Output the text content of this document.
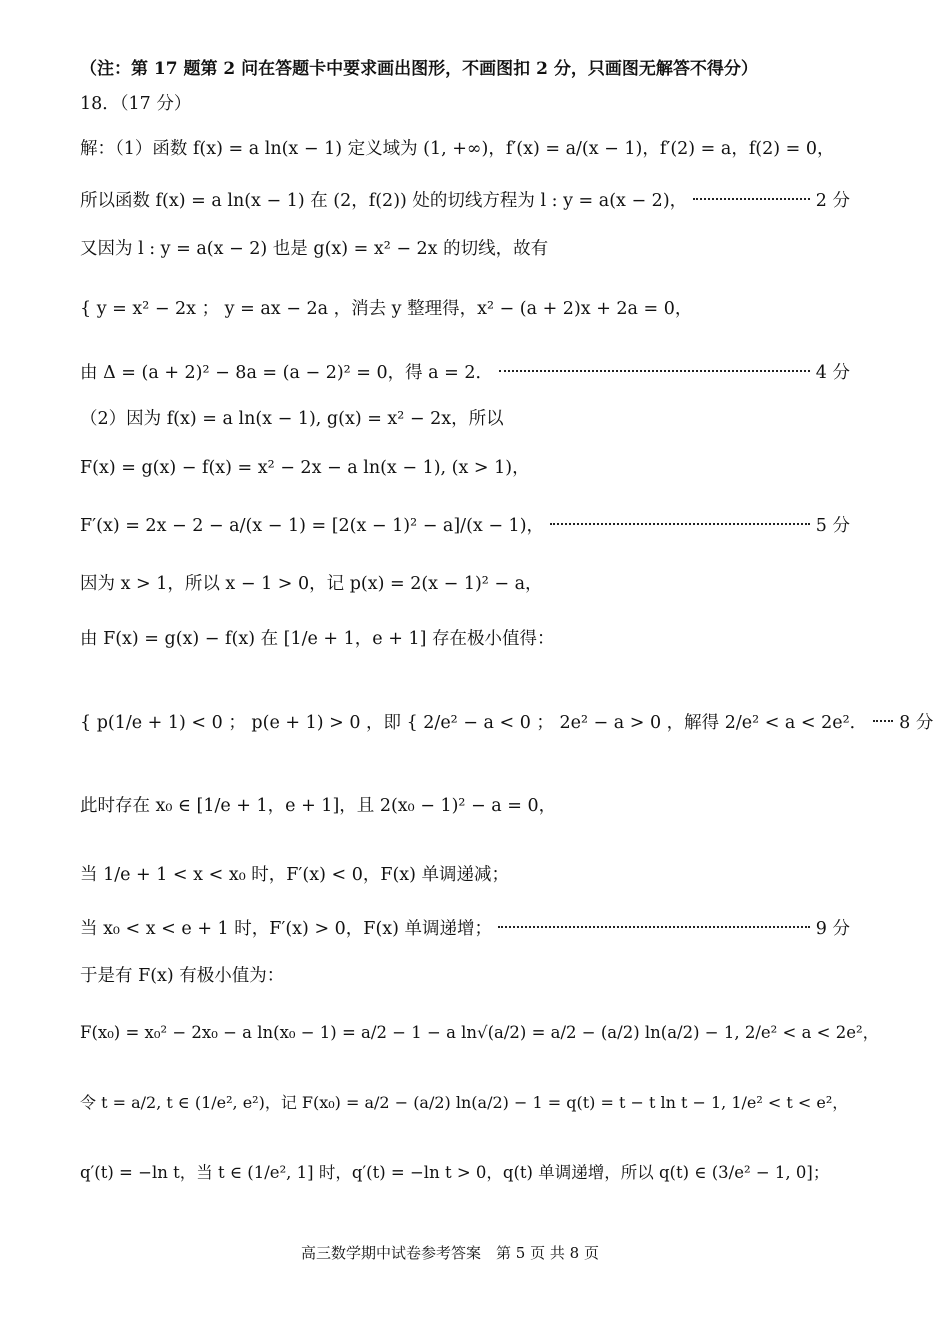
（注：第 17 题第 2 问在答题卡中要求画出图形，不画图扣 2 分，只画图无解答不得分）
18．（17 分）
解：（1）函数 f(x) = a ln(x − 1) 定义域为 (1, +∞)，f′(x) = a/(x − 1)，f′(2) = a，f(2) = 0，
所以函数 f(x) = a ln(x − 1) 在 (2，f(2)) 处的切线方程为 l : y = a(x − 2)，	2 分
又因为 l : y = a(x − 2) 也是 g(x) = x² − 2x 的切线，故有
{ y = x² − 2x ； y = ax − 2a ，消去 y 整理得，x² − (a + 2)x + 2a = 0，
由 Δ = (a + 2)² − 8a = (a − 2)² = 0，得 a = 2．	4 分
（2）因为 f(x) = a ln(x − 1), g(x) = x² − 2x，所以
F(x) = g(x) − f(x) = x² − 2x − a ln(x − 1), (x > 1)，
F′(x) = 2x − 2 − a/(x − 1) = [2(x − 1)² − a]/(x − 1)，	5 分
因为 x > 1，所以 x − 1 > 0，记 p(x) = 2(x − 1)² − a，
由 F(x) = g(x) − f(x) 在 [1/e + 1，e + 1] 存在极小值得：
{ p(1/e + 1) < 0 ； p(e + 1) > 0 ，即 { 2/e² − a < 0 ； 2e² − a > 0 ，解得 2/e² < a < 2e²． 8 分
此时存在 x₀ ∈ [1/e + 1，e + 1]，且 2(x₀ − 1)² − a = 0，
当 1/e + 1 < x < x₀ 时，F′(x) < 0，F(x) 单调递减；
当 x₀ < x < e + 1 时，F′(x) > 0，F(x) 单调递增；	9 分
于是有 F(x) 有极小值为：
F(x₀) = x₀² − 2x₀ − a ln(x₀ − 1) = a/2 − 1 − a ln√(a/2) = a/2 − (a/2) ln(a/2) − 1, 2/e² < a < 2e²，
令 t = a/2, t ∈ (1/e², e²)，记 F(x₀) = a/2 − (a/2) ln(a/2) − 1 = q(t) = t − t ln t − 1, 1/e² < t < e²，
q′(t) = −ln t，当 t ∈ (1/e², 1] 时，q′(t) = −ln t > 0，q(t) 单调递增，所以 q(t) ∈ (3/e² − 1, 0]；
高三数学期中试卷参考答案　第 5 页 共 8 页
